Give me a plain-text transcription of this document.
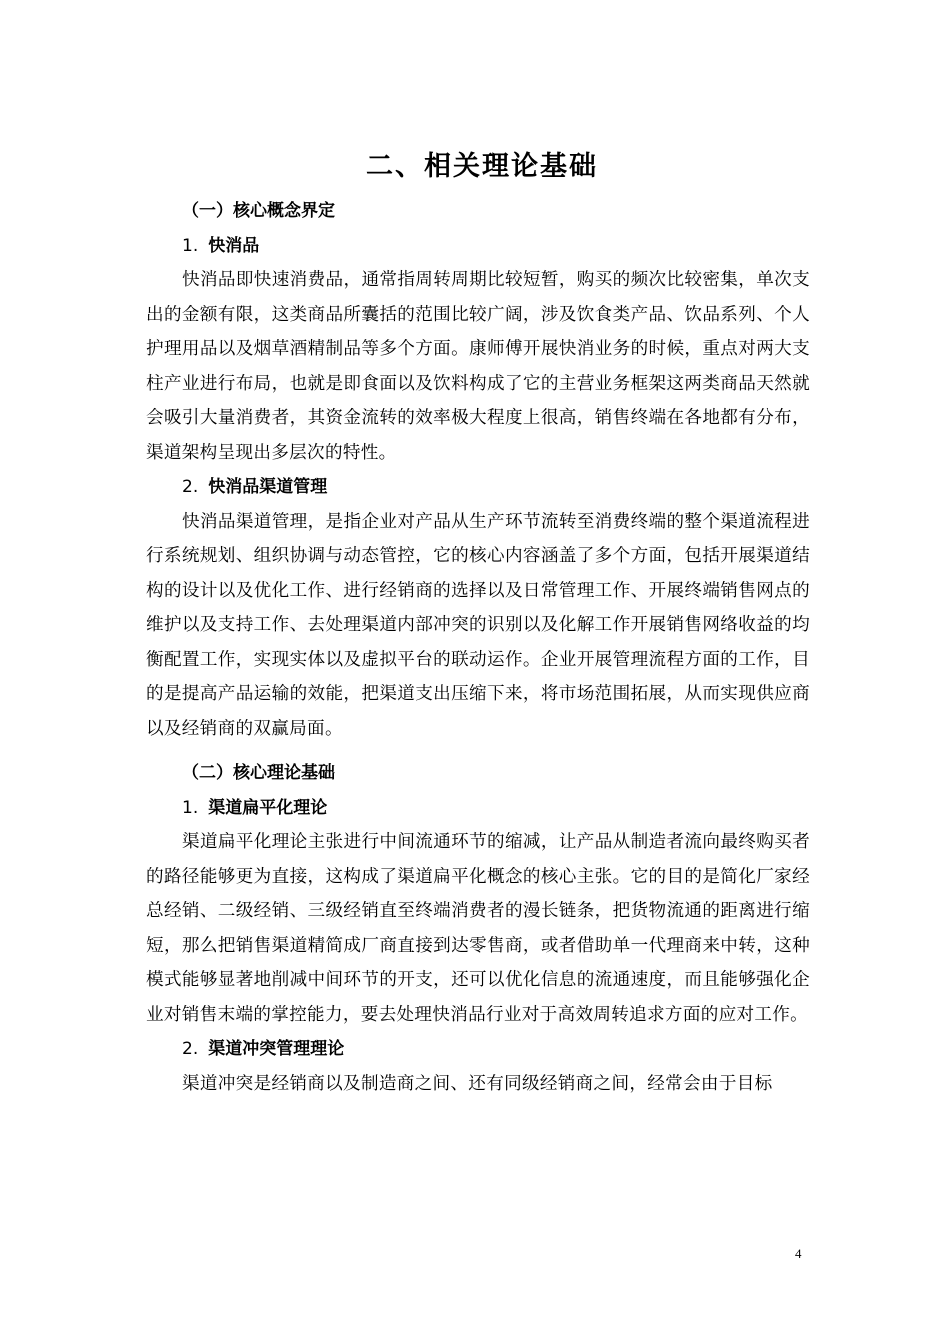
二、相关理论基础

（一）核心概念界定

1. 快消品

快消品即快速消费品，通常指周转周期比较短暂，购买的频次比较密集，单次支出的金额有限，这类商品所囊括的范围比较广阔，涉及饮食类产品、饮品系列、个人护理用品以及烟草酒精制品等多个方面。康师傅开展快消业务的时候，重点对两大支柱产业进行布局，也就是即食面以及饮料构成了它的主营业务框架这两类商品天然就会吸引大量消费者，其资金流转的效率极大程度上很高，销售终端在各地都有分布，渠道架构呈现出多层次的特性。

2. 快消品渠道管理

快消品渠道管理，是指企业对产品从生产环节流转至消费终端的整个渠道流程进行系统规划、组织协调与动态管控，它的核心内容涵盖了多个方面，包括开展渠道结构的设计以及优化工作、进行经销商的选择以及日常管理工作、开展终端销售网点的维护以及支持工作、去处理渠道内部冲突的识别以及化解工作开展销售网络收益的均衡配置工作，实现实体以及虚拟平台的联动运作。企业开展管理流程方面的工作，目的是提高产品运输的效能，把渠道支出压缩下来，将市场范围拓展，从而实现供应商以及经销商的双赢局面。

（二）核心理论基础

1. 渠道扁平化理论

渠道扁平化理论主张进行中间流通环节的缩减，让产品从制造者流向最终购买者的路径能够更为直接，这构成了渠道扁平化概念的核心主张。它的目的是简化厂家经总经销、二级经销、三级经销直至终端消费者的漫长链条，把货物流通的距离进行缩短，那么把销售渠道精简成厂商直接到达零售商，或者借助单一代理商来中转，这种模式能够显著地削减中间环节的开支，还可以优化信息的流通速度，而且能够强化企业对销售末端的掌控能力，要去处理快消品行业对于高效周转追求方面的应对工作。

2. 渠道冲突管理理论

渠道冲突是经销商以及制造商之间、还有同级经销商之间，经常会由于目标

4
